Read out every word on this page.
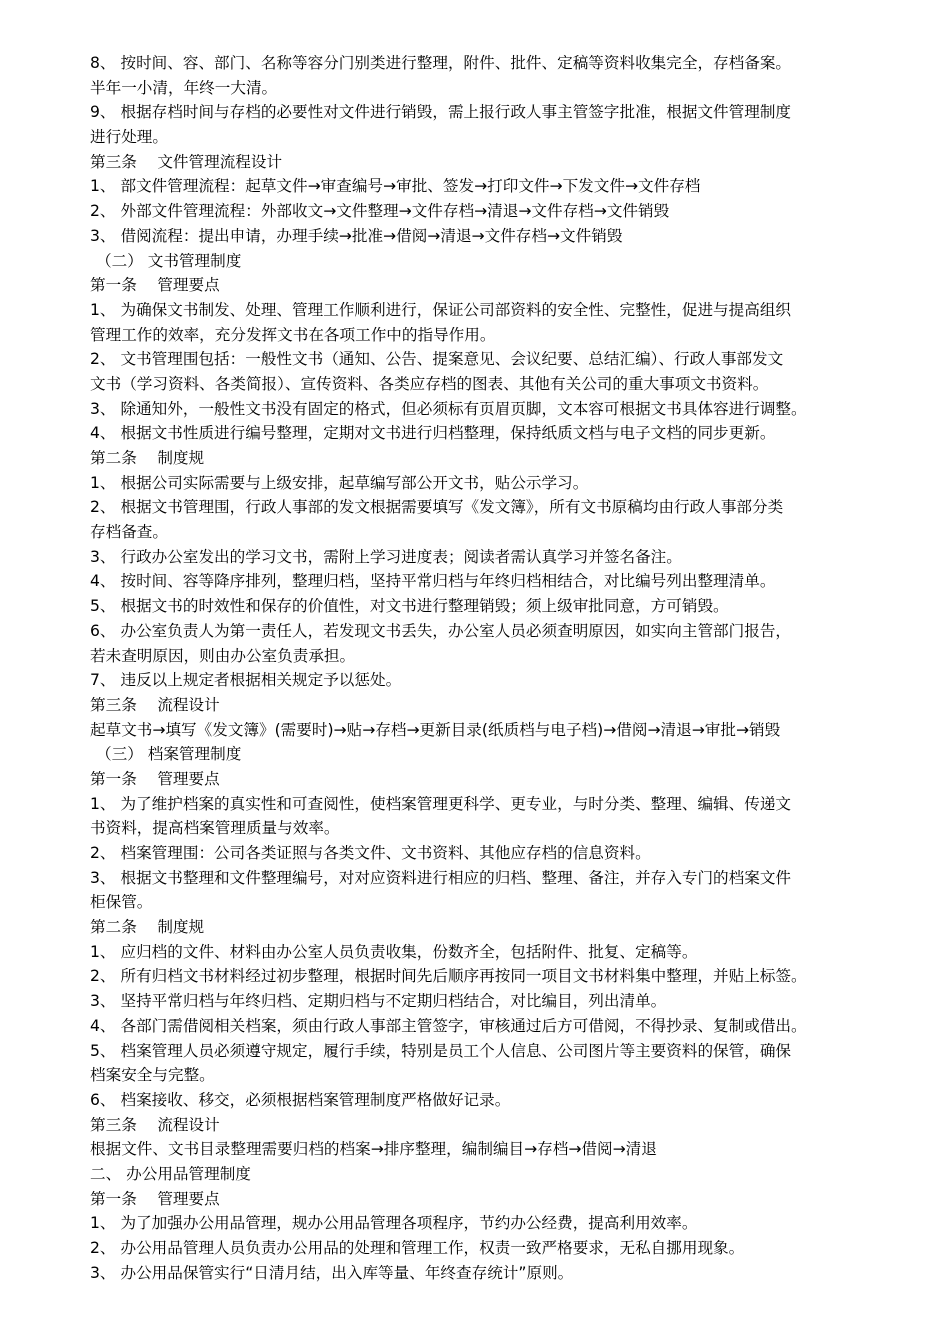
8、 按时间、容、部门、名称等容分门别类进行整理，附件、批件、定稿等资料收集完全，存档备案。
半年一小清，年终一大清。
9、 根据存档时间与存档的必要性对文件进行销毁，需上报行政人事主管签字批准，根据文件管理制度
进行处理。
第三条　 文件管理流程设计
1、 部文件管理流程：起草文件→审查编号→审批、签发→打印文件→下发文件→文件存档
2、 外部文件管理流程：外部收文→文件整理→文件存档→清退→文件存档→文件销毁
3、 借阅流程：提出申请，办理手续→批准→借阅→清退→文件存档→文件销毁
（二） 文书管理制度
第一条　 管理要点
1、 为确保文书制发、处理、管理工作顺利进行，保证公司部资料的安全性、完整性，促进与提高组织
管理工作的效率，充分发挥文书在各项工作中的指导作用。
2、 文书管理围包括：一般性文书（通知、公告、提案意见、会议纪要、总结汇编）、行政人事部发文
文书（学习资料、各类简报）、宣传资料、各类应存档的图表、其他有关公司的重大事项文书资料。
3、 除通知外，一般性文书没有固定的格式，但必须标有页眉页脚，文本容可根据文书具体容进行调整。
4、 根据文书性质进行编号整理，定期对文书进行归档整理，保持纸质文档与电子文档的同步更新。
第二条　 制度规
1、 根据公司实际需要与上级安排，起草编写部公开文书，贴公示学习。
2、 根据文书管理围，行政人事部的发文根据需要填写《发文簿》，所有文书原稿均由行政人事部分类
存档备查。
3、 行政办公室发出的学习文书，需附上学习进度表；阅读者需认真学习并签名备注。
4、 按时间、容等降序排列，整理归档，坚持平常归档与年终归档相结合，对比编号列出整理清单。
5、 根据文书的时效性和保存的价值性，对文书进行整理销毁；须上级审批同意，方可销毁。
6、 办公室负责人为第一责任人，若发现文书丢失，办公室人员必须查明原因，如实向主管部门报告，
若未查明原因，则由办公室负责承担。
7、 违反以上规定者根据相关规定予以惩处。
第三条　 流程设计
起草文书→填写《发文簿》(需要时)→贴→存档→更新目录(纸质档与电子档)→借阅→清退→审批→销毁
（三） 档案管理制度
第一条　 管理要点
1、 为了维护档案的真实性和可查阅性，使档案管理更科学、更专业，与时分类、整理、编辑、传递文
书资料，提高档案管理质量与效率。
2、 档案管理围：公司各类证照与各类文件、文书资料、其他应存档的信息资料。
3、 根据文书整理和文件整理编号，对对应资料进行相应的归档、整理、备注，并存入专门的档案文件
柜保管。
第二条　 制度规
1、 应归档的文件、材料由办公室人员负责收集，份数齐全，包括附件、批复、定稿等。
2、 所有归档文书材料经过初步整理，根据时间先后顺序再按同一项目文书材料集中整理，并贴上标签。
3、 坚持平常归档与年终归档、定期归档与不定期归档结合，对比编目，列出清单。
4、 各部门需借阅相关档案，须由行政人事部主管签字，审核通过后方可借阅，不得抄录、复制或借出。
5、 档案管理人员必须遵守规定，履行手续，特别是员工个人信息、公司图片等主要资料的保管，确保
档案安全与完整。
6、 档案接收、移交，必须根据档案管理制度严格做好记录。
第三条　 流程设计
根据文件、文书目录整理需要归档的档案→排序整理，编制编目→存档→借阅→清退
二、 办公用品管理制度
第一条　 管理要点
1、 为了加强办公用品管理，规办公用品管理各项程序，节约办公经费，提高利用效率。
2、 办公用品管理人员负责办公用品的处理和管理工作，权责一致严格要求，无私自挪用现象。
3、 办公用品保管实行“日清月结，出入库等量、年终查存统计”原则。
